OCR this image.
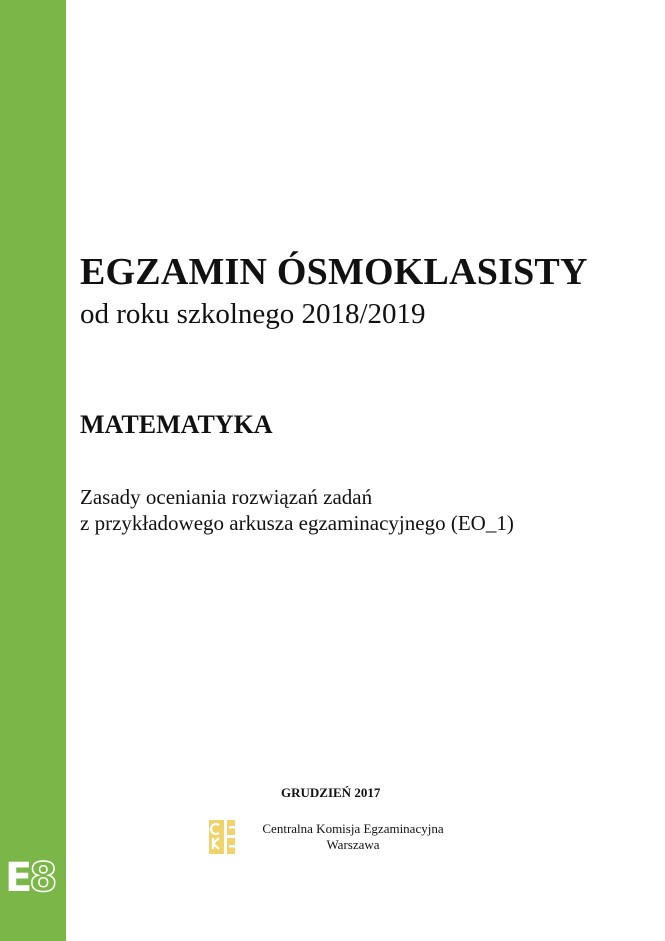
E8
EGZAMIN ÓSMOKLASISTY

od roku szkolnego 2018/2019

MATEMATYKA
Zasady oceniania rozwiązań zadań
z przykładowego arkusza egzaminacyjnego (EO_1)
GRUDZIEŃ 2017
Centralna Komisja Egzaminacyjna
Warszawa
